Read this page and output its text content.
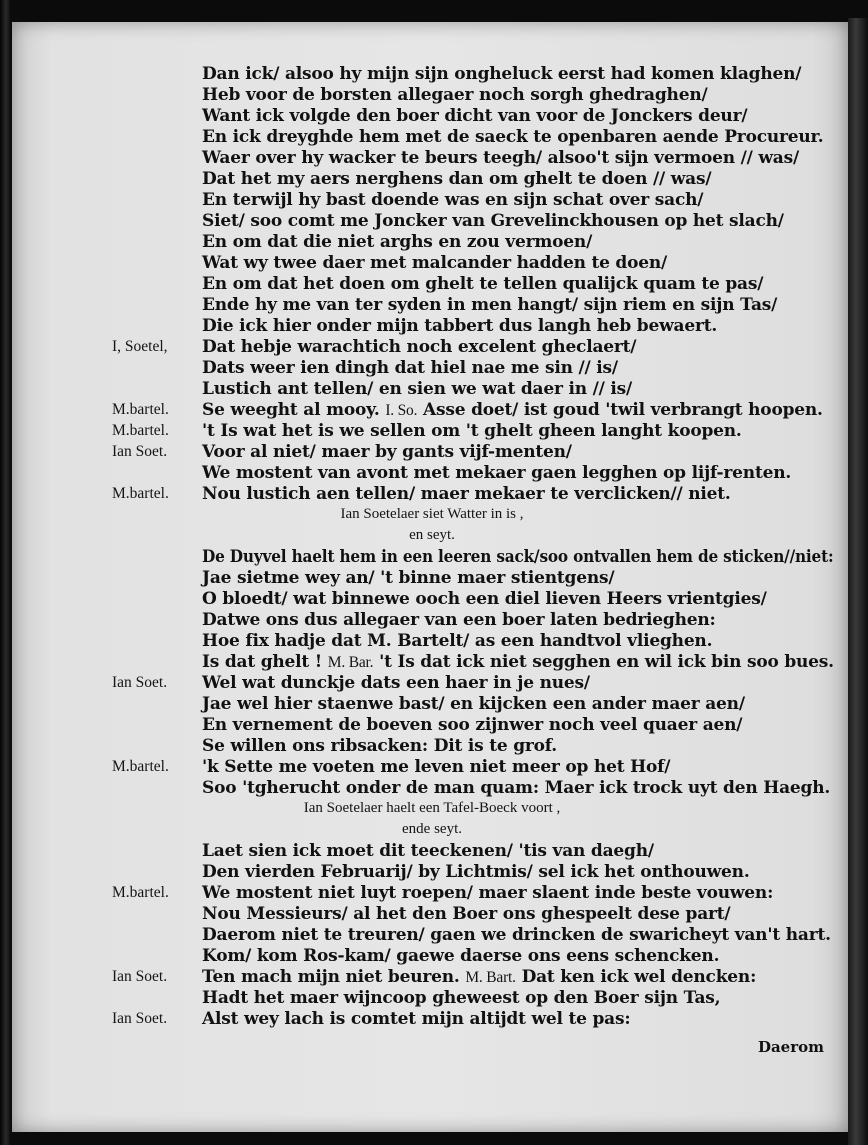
Dan ick/ alsoo hy mijn sijn ongheluck eerst had komen klaghen/
Heb voor de borsten allegaer noch sorgh ghedraghen/
Want ick volgde den boer dicht van voor de Jonckers deur/
En ick dreyghde hem met de saeck te openbaren aende Procureur.
Waer over hy wacker te beurs teegh/ alsoo't sijn vermoen // was/
Dat het my aers nerghens dan om ghelt te doen // was/
En terwijl hy bast doende was en sijn schat over sach/
Siet/ soo comt me Joncker van Grevelinckhousen op het slach/
En om dat die niet arghs en zou vermoen/
Wat wy twee daer met malcander hadden te doen/
En om dat het doen om ghelt te tellen qualijck quam te pas/
Ende hy me van ter syden in men hangt/ sijn riem en sijn Tas/
Die ick hier onder mijn tabbert dus langh heb bewaert.
I, Soetel, Dat hebje warachtich noch excelent gheclaert/
Dats weer ien dingh dat hiel nae me sin // is/
Lustich ant tellen/ en sien we wat daer in // is/
M.bartel. Se weeght al mooy. I. So. Asse doet/ ist goud 'twil verbrangt hoopen.
M.bartel. 't Is wat het is we sellen om 't ghelt gheen langht koopen.
Ian Soet. Voor al niet/ maer by gants vijf-menten/
We mostent van avont met mekaer gaen legghen op lijf-renten.
M.bartel. Nou lustich aen tellen/ maer mekaer te verclicken// niet.
Ian Soetelaer siet Watter in is ,
en seyt.
De Duyvel haelt hem in een leeren sack/soo ontvallen hem de sticken//niet:
Jae sietme wey an/ 't binne maer stientgens/
O bloedt/ wat binnewe ooch een diel lieven Heers vrientgies/
Datwe ons dus allegaer van een boer laten bedrieghen:
Hoe fix hadje dat M. Bartelt/ as een handtvol vlieghen.
Is dat ghelt ! M. Bar. 't Is dat ick niet segghen en wil ick bin soo bues.
Ian Soet. Wel wat dunckje dats een haer in je nues/
Jae wel hier staenwe bast/ en kijcken een ander maer aen/
En vernement de boeven soo zijnwer noch veel quaer aen/
Se willen ons ribsacken: Dit is te grof.
M.bartel. 'k Sette me voeten me leven niet meer op het Hof/
Soo 'tgherucht onder de man quam: Maer ick trock uyt den Haegh.
Ian Soetelaer haelt een Tafel-Boeck voort ,
ende seyt.
Laet sien ick moet dit teeckenen/ 'tis van daegh/
Den vierden Februarij/ by Lichtmis/ sel ick het onthouwen.
M.bartel. We mostent niet luyt roepen/ maer slaent inde beste vouwen:
Nou Messieurs/ al het den Boer ons ghespeelt dese part/
Daerom niet te treuren/ gaen we drincken de swaricheyt van't hart.
Kom/ kom Ros-kam/ gaewe daerse ons eens schencken.
Ian Soet. Ten mach mijn niet beuren. M. Bart. Dat ken ick wel dencken:
Hadt het maer wijncoop gheweest op den Boer sijn Tas,
Ian Soet. Alst wey lach is comtet mijn altijdt wel te pas:
Daerom
